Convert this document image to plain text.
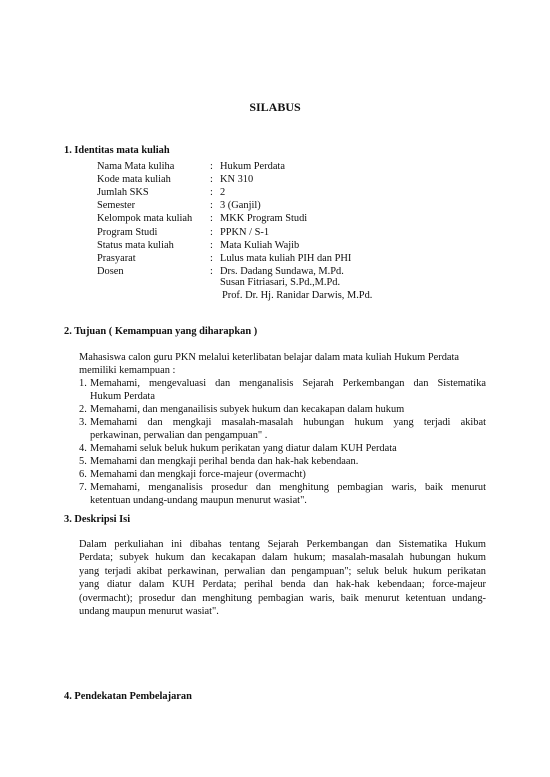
SILABUS
1. Identitas mata kuliah
Nama Mata kuliha	: Hukum Perdata
Kode mata kuliah	: KN 310
Jumlah SKS	: 2
Semester	: 3 (Ganjil)
Kelompok mata kuliah : MKK Program Studi
Program Studi	: PPKN / S-1
Status mata kuliah	: Mata Kuliah Wajib
Prasyarat	: Lulus mata kuliah PIH dan PHI
Dosen	: Drs. Dadang Sundawa, M.Pd.
Susan Fitriasari, S.Pd.,M.Pd.
Prof. Dr. Hj. Ranidar Darwis, M.Pd.
2. Tujuan ( Kemampuan yang diharapkan )
Mahasiswa calon guru PKN melalui keterlibatan belajar dalam mata kuliah Hukum Perdata
memiliki kemampuan :
1. Memahami, mengevaluasi dan menganalisis Sejarah Perkembangan dan Sistematika
Hukum Perdata
2. Memahami, dan menganailisis subyek hukum dan kecakapan dalam hukum
3. Memahami dan mengkaji masalah-masalah hubungan hukum yang terjadi akibat
perkawinan, perwalian dan pengampuan" .
4. Memahami seluk beluk hukum perikatan yang diatur dalam KUH Perdata
5. Memahami dan mengkaji perihal benda dan hak-hak kebendaan.
6. Memahami dan mengkaji force-majeur (overmacht)
7. Memahami, menganalisis prosedur dan menghitung pembagian waris, baik menurut
ketentuan undang-undang maupun menurut wasiat".
3. Deskripsi Isi
Dalam perkuliahan ini dibahas tentang Sejarah Perkembangan dan Sistematika Hukum
Perdata; subyek hukum dan kecakapan dalam hukum; masalah-masalah hubungan hukum
yang terjadi akibat perkawinan, perwalian dan pengampuan"; seluk beluk hukum perikatan
yang diatur dalam KUH Perdata; perihal benda dan hak-hak kebendaan; force-majeur
(overmacht); prosedur dan menghitung pembagian waris, baik menurut ketentuan undang-
undang maupun menurut wasiat".
4. Pendekatan Pembelajaran
